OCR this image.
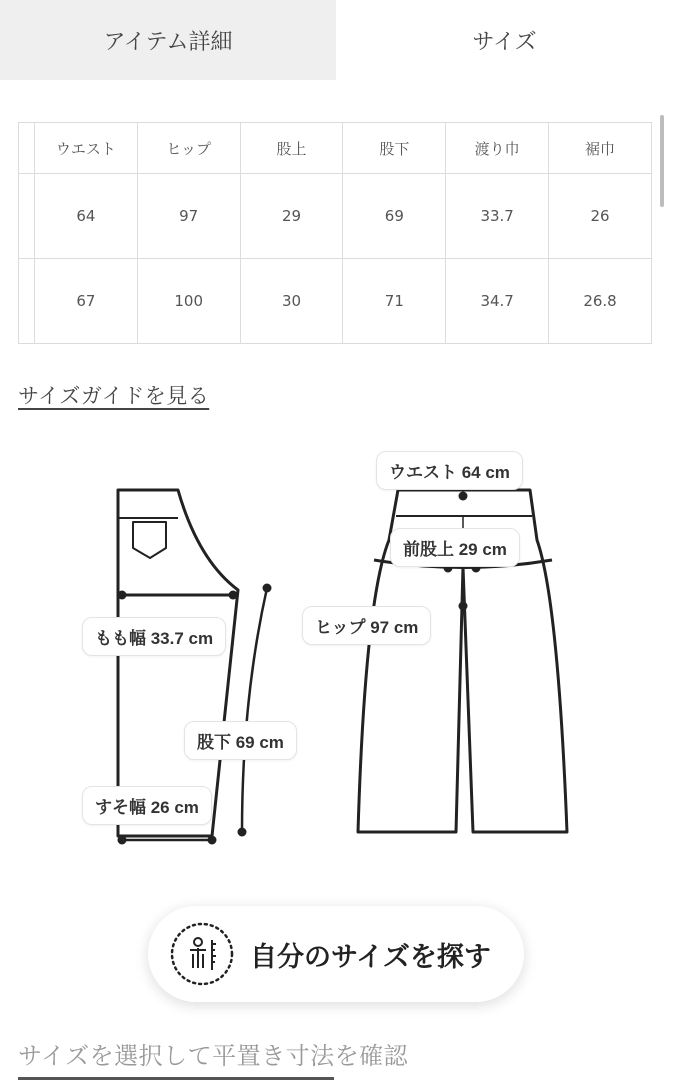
アイテム詳細	サイズ
	ウエスト	ヒップ	股上	股下	渡り巾	裾巾
	64	97	29	69	33.7	26
	67	100	30	71	34.7	26.8
サイズガイドを見る
ウエスト 64 cm
前股上 29 cm
ヒップ 97 cm
もも幅 33.7 cm
股下 69 cm
すそ幅 26 cm
自分のサイズを探す
サイズを選択して平置き寸法を確認
